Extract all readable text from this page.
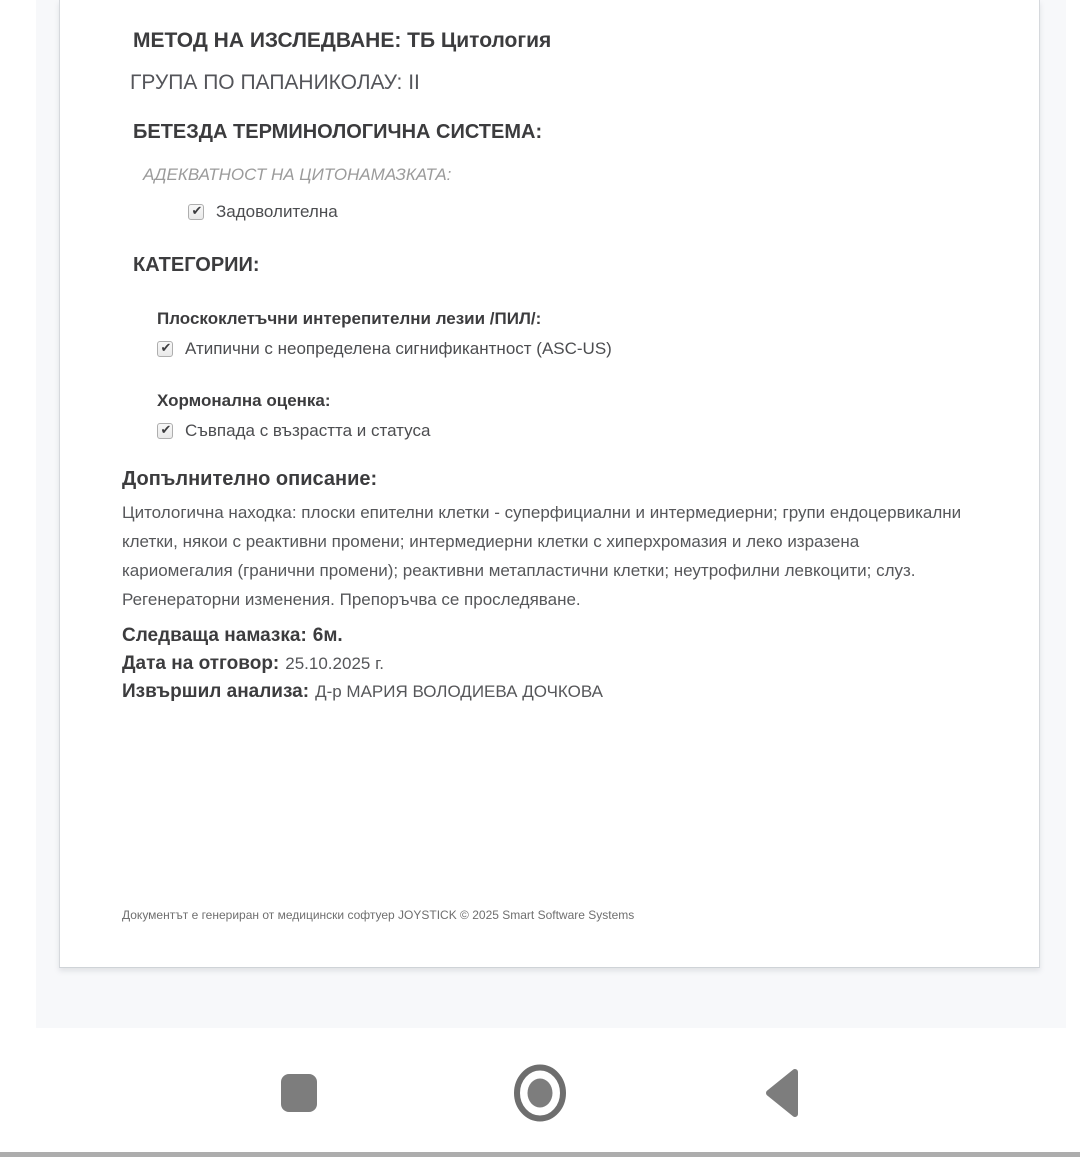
МЕТОД НА ИЗСЛЕДВАНЕ: ТБ Цитология
ГРУПА ПО ПАПАНИКОЛАУ: II
БЕТЕЗДА ТЕРМИНОЛОГИЧНА СИСТЕМА:
АДЕКВАТНОСТ НА ЦИТОНАМАЗКАТА:
✔ Задоволителна
КАТЕГОРИИ:
Плоскоклетъчни интерепителни лезии /ПИЛ/:
✔ Атипични с неопределена сигнификантност (ASC-US)
Хормонална оценка:
✔ Съвпада с възрастта и статуса
Допълнително описание:
Цитологична находка: плоски епителни клетки - суперфициални и интермедиерни; групи ендоцервикални клетки, някои с реактивни промени; интермедиерни клетки с хиперхромазия и леко изразена кариомегалия (гранични промени); реактивни метапластични клетки; неутрофилни левкоцити; слуз. Регенераторни изменения. Препоръчва се проследяване.
Следваща намазка: 6м.
Дата на отговор: 25.10.2025 г.
Извършил анализа: Д-р МАРИЯ ВОЛОДИЕВА ДОЧКОВА
Документът е генериран от медицински софтуер JOYSTICK © 2025 Smart Software Systems
